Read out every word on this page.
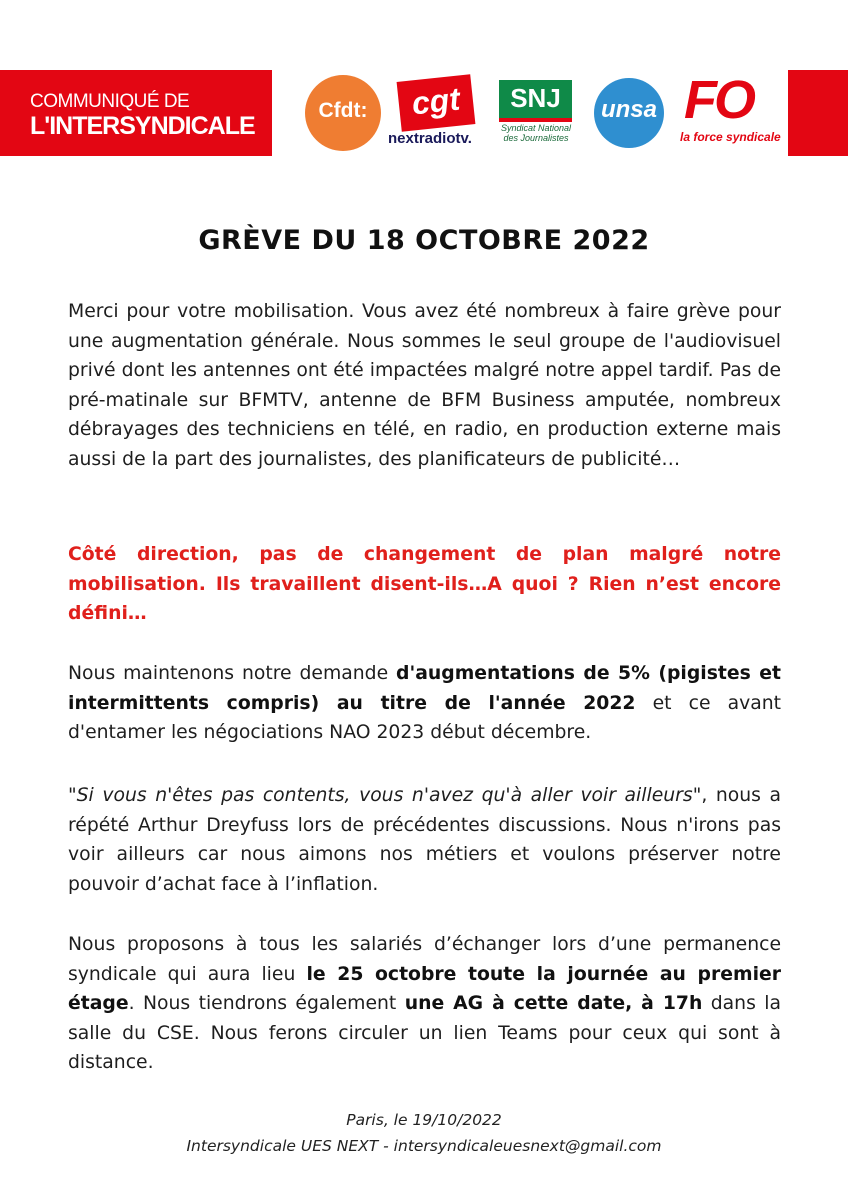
COMMUNIQUÉ DE
L'INTERSYNDICALE
Cfdt:	cgt
nextradiotv.
SNJ
Syndicat National des Journalistes
unsa FO
la force syndicale
GRÈVE DU 18 OCTOBRE 2022

Merci pour votre mobilisation. Vous avez été nombreux à faire grève pour une augmentation générale. Nous sommes le seul groupe de l'audiovisuel privé dont les antennes ont été impactées malgré notre appel tardif. Pas de pré-matinale sur BFMTV, antenne de BFM Business amputée, nombreux débrayages des techniciens en télé, en radio, en production externe mais aussi de la part des journalistes, des planificateurs de publicité…

Côté direction, pas de changement de plan malgré notre mobilisation. Ils travaillent disent-ils…A quoi ? Rien n’est encore défini…

Nous maintenons notre demande d'augmentations de 5% (pigistes et intermittents compris) au titre de l'année 2022 et ce avant d'entamer les négociations NAO 2023 début décembre.

"Si vous n'êtes pas contents, vous n'avez qu'à aller voir ailleurs", nous a répété Arthur Dreyfuss lors de précédentes discussions. Nous n'irons pas voir ailleurs car nous aimons nos métiers et voulons préserver notre pouvoir d’achat face à l’inflation.

Nous proposons à tous les salariés d’échanger lors d’une permanence syndicale qui aura lieu le 25 octobre toute la journée au premier étage. Nous tiendrons également une AG à cette date, à 17h dans la salle du CSE. Nous ferons circuler un lien Teams pour ceux qui sont à distance.

Paris, le 19/10/2022
Intersyndicale UES NEXT - intersyndicaleuesnext@gmail.com
